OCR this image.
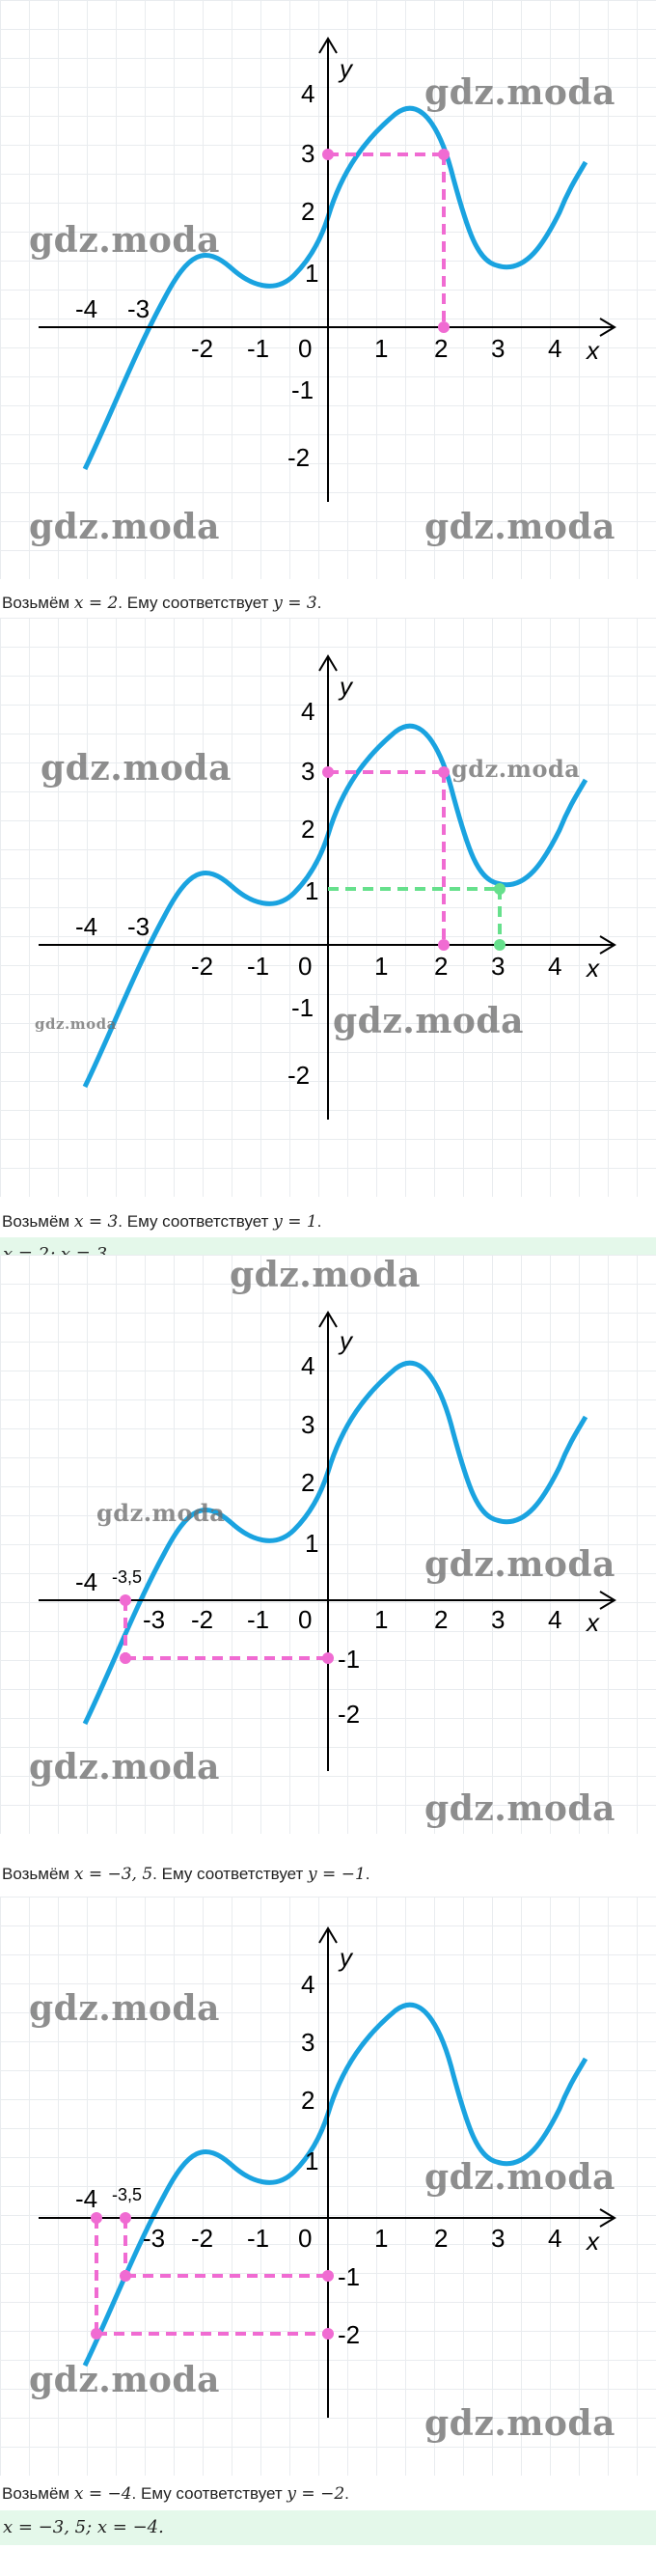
-4 -3
-2 -1 0 1 2 3 4
4
3
2
1
-1
-2
x
y
gdz.moda
gdz.moda
gdz.moda	gdz.moda
Возьмём x = 2. Ему соответствует y = 3.
-4 -3
-2 -1 0 1 2 3 4
4
3
2
1
-1
-2
x
y
gdz.moda	gdz.moda
gdz.moda	gdz.moda
Возьмём x = 3. Ему соответствует y = 1.
-4 -3,5
-3 -2 -1 0 1 2 3 4
4
3
2
1
-1
-2
x
y
gdz.moda
gdz.moda
gdz.moda
gdz.moda
gdz.moda
Возьмём x = −3, 5. Ему соответствует y = −1.
-4 -3,5
-3 -2 -1 0 1 2 3 4
4
3
2
1
-1
-2
x
y
gdz.moda
gdz.moda
gdz.moda
gdz.moda
Возьмём x = −4. Ему соответствует y = −2.
x = −3, 5; x = −4.
